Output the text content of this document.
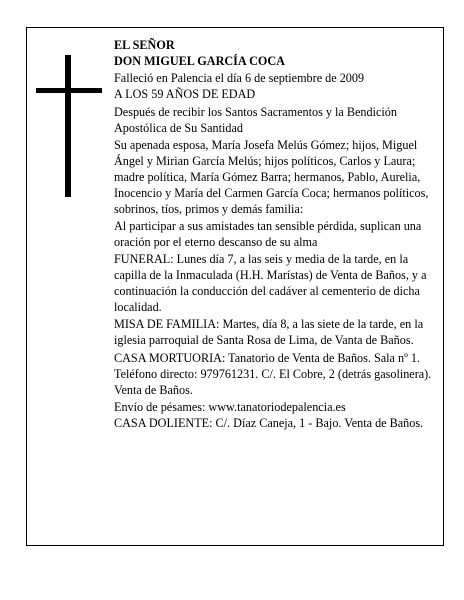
EL SEÑOR

DON MIGUEL GARCÍA COCA

Falleció en Palencia el día 6 de septiembre de 2009

A LOS 59 AÑOS DE EDAD

Después de recibir los Santos Sacramentos y la Bendición Apostólica de Su Santidad

Su apenada esposa, María Josefa Melús Gómez; hijos, Miguel Ángel y Mirian García Melús; hijos políticos, Carlos y Laura; madre política, María Gómez Barra; hermanos, Pablo, Aurelia, Inocencio y María del Carmen García Coca; hermanos políticos, sobrinos, tíos, primos y demás familia:

Al participar a sus amistades tan sensible pérdida, suplican una oración por el eterno descanso de su alma

FUNERAL: Lunes día 7, a las seis y media de la tarde, en la capilla de la Inmaculada (H.H. Marístas) de Venta de Baños, y a continuación la conducción del cadáver al cementerio de dicha localidad.

MISA DE FAMILIA: Martes, día 8, a las siete de la tarde, en la iglesia parroquial de Santa Rosa de Lima, de Vanta de Baños.

CASA MORTUORIA: Tanatorio de Venta de Baños. Sala nº 1. Teléfono directo: 979761231. C/. El Cobre, 2 (detrás gasolinera). Venta de Baños.

Envío de pésames: www.tanatoriodepalencia.es

CASA DOLIENTE: C/. Díaz Caneja, 1 - Bajo. Venta de Baños.
